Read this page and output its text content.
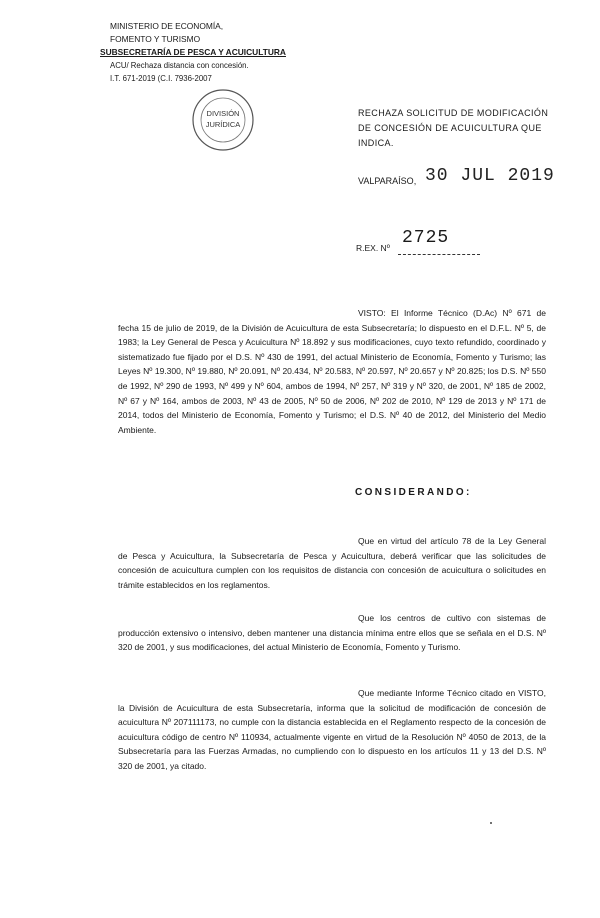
MINISTERIO DE ECONOMÍA,
FOMENTO Y TURISMO
SUBSECRETARÍA DE PESCA Y ACUICULTURA
ACU/ Rechaza distancia con concesión.
I.T. 671-2019 (C.I. 7936-2007
DIVISIÓN
JURÍDICA
RECHAZA SOLICITUD DE MODIFICACIÓN DE CONCESIÓN DE ACUICULTURA QUE INDICA.
VALPARAÍSO, 30 JUL 2019
2725
R.EX. Nº
VISTO: El Informe Técnico (D.Ac) Nº 671 de fecha 15 de julio de 2019, de la División de Acuicultura de esta Subsecretaría; lo dispuesto en el D.F.L. Nº 5, de 1983; la Ley General de Pesca y Acuicultura Nº 18.892 y sus modificaciones, cuyo texto refundido, coordinado y sistematizado fue fijado por el D.S. Nº 430 de 1991, del actual Ministerio de Economía, Fomento y Turismo; las Leyes Nº 19.300, Nº 19.880, Nº 20.091, Nº 20.434, Nº 20.583, Nº 20.597, Nº 20.657 y Nº 20.825; los D.S. Nº 550 de 1992, Nº 290 de 1993, Nº 499 y Nº 604, ambos de 1994, Nº 257, Nº 319 y Nº 320, de 2001, Nº 185 de 2002, Nº 67 y Nº 164, ambos de 2003, Nº 43 de 2005, Nº 50 de 2006, Nº 202 de 2010, Nº 129 de 2013 y Nº 171 de 2014, todos del Ministerio de Economía, Fomento y Turismo; el D.S. Nº 40 de 2012, del Ministerio del Medio Ambiente.
CONSIDERANDO:
Que en virtud del artículo 78 de la Ley General de Pesca y Acuicultura, la Subsecretaría de Pesca y Acuicultura, deberá verificar que las solicitudes de concesión de acuicultura cumplen con los requisitos de distancia con concesión de acuicultura o solicitudes en trámite establecidos en los reglamentos.
Que los centros de cultivo con sistemas de producción extensivo o intensivo, deben mantener una distancia mínima entre ellos que se señala en el D.S. Nº 320 de 2001, y sus modificaciones, del actual Ministerio de Economía, Fomento y Turismo.
Que mediante Informe Técnico citado en VISTO, la División de Acuicultura de esta Subsecretaría, informa que la solicitud de modificación de concesión de acuicultura Nº 207111173, no cumple con la distancia establecida en el Reglamento respecto de la concesión de acuicultura código de centro Nº 110934, actualmente vigente en virtud de la Resolución Nº 4050 de 2013, de la Subsecretaría para las Fuerzas Armadas, no cumpliendo con lo dispuesto en los artículos 11 y 13 del D.S. Nº 320 de 2001, ya citado.
